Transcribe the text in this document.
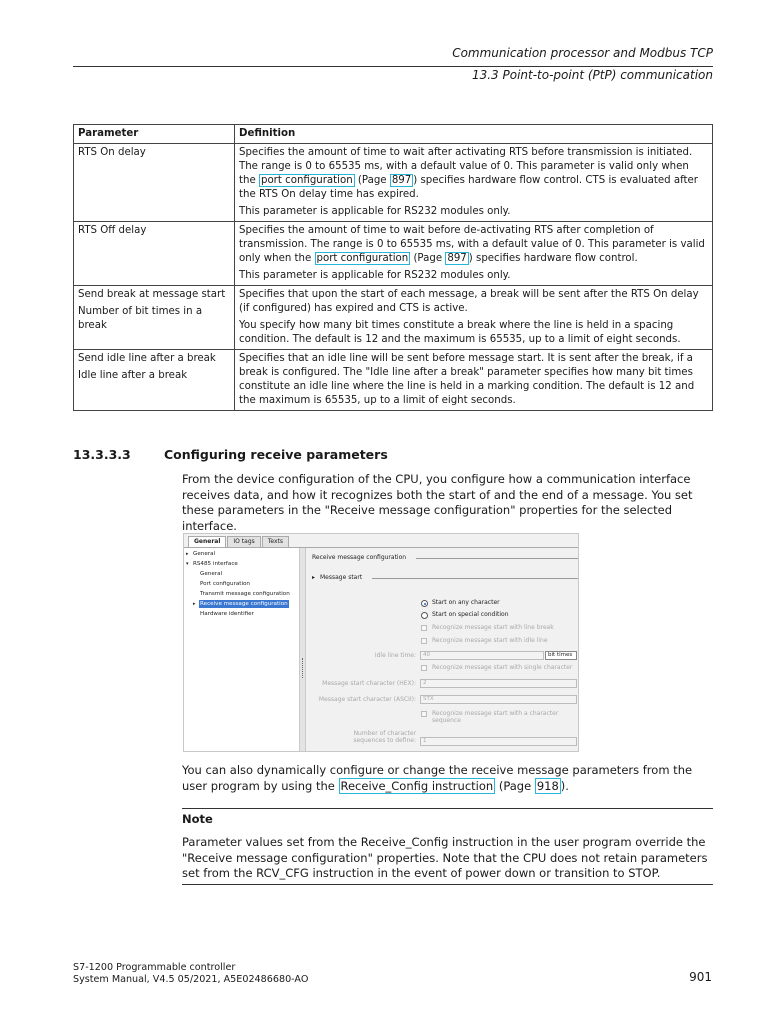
Communication processor and Modbus TCP
13.3 Point-to-point (PtP) communication
Parameter	Definition

RTS On delay	Specifies the amount of time to wait after activating RTS before transmission is initiated. The range is 0 to 65535 ms, with a default value of 0. This parameter is valid only when the port configuration (Page 897 ) specifies hardware flow control. CTS is evaluated after the RTS On delay time has expired.
This parameter is applicable for RS232 modules only.

RTS Off delay	Specifies the amount of time to wait before de-activating RTS after completion of transmission. The range is 0 to 65535 ms, with a default value of 0. This parameter is valid only when the port configuration (Page 897 ) specifies hardware flow control.
This parameter is applicable for RS232 modules only.

Send break at message start
Number of bit times in a break	Specifies that upon the start of each message, a break will be sent after the RTS On delay (if configured) has expired and CTS is active.
You specify how many bit times constitute a break where the line is held in a spacing condition. The default is 12 and the maximum is 65535, up to a limit of eight seconds.

Send idle line after a break
Idle line after a break	Specifies that an idle line will be sent before message start. It is sent after the break, if a break is configured. The "Idle line after a break" parameter specifies how many bit times constitute an idle line where the line is held in a marking condition. The default is 12 and the maximum is 65535, up to a limit of eight seconds.
13.3.3.3	Configuring receive parameters
From the device configuration of the CPU, you configure how a communication interface receives data, and how it recognizes both the start of and the end of a message. You set these parameters in the "Receive message configuration" properties for the selected interface.
General	IO tags	Texts
▸ General
▾ RS485 interface
General
Port configuration
Transmit message configuration
▸ Receive message configuration
Hardware identifier
Receive message configuration
▸ Message start
Start on any character
Start on special condition
Recognize message start with line break
Recognize message start with idle line
Idle line time:	40	bit times
Recognize message start with single character
Message start character (HEX):	2
Message start character (ASCII):	STX
Recognize message start with a character
sequence
Number of character
sequences to define:	1
You can also dynamically configure or change the receive message parameters from the user program by using the Receive_Config instruction (Page 918 ).
Note
Parameter values set from the Receive_Config instruction in the user program override the "Receive message configuration" properties. Note that the CPU does not retain parameters set from the RCV_CFG instruction in the event of power down or transition to STOP.
S7-1200 Programmable controller
System Manual, V4.5 05/2021, A5E02486680-AO	901
